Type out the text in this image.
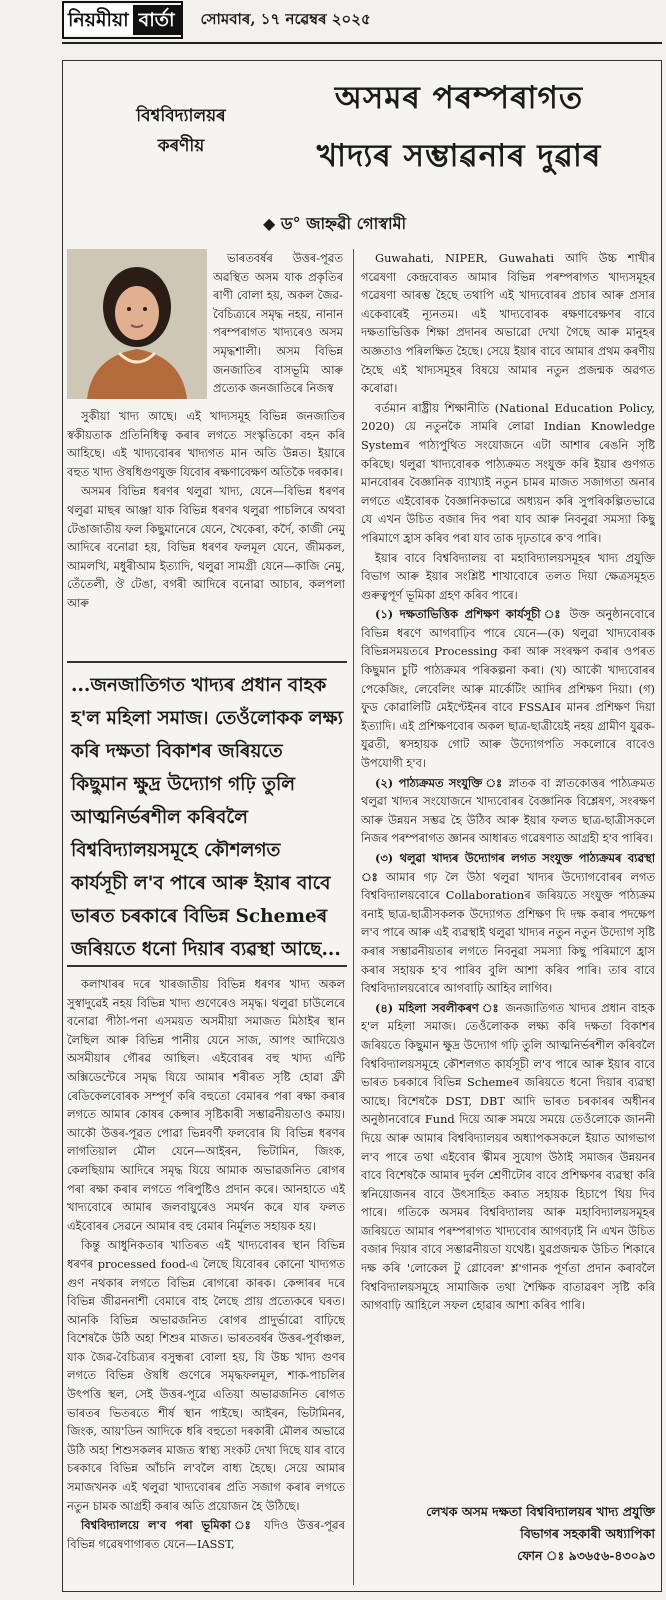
নিয়মীয়া বাৰ্তা	সোমবাৰ, ১৭ নৱেম্বৰ ২০২৫
বিশ্ববিদ্যালয়ৰ
কৰণীয়
অসমৰ পৰম্পৰাগত
খাদ্যৰ সম্ভাৱনাৰ দুৱাৰ
◆ ড° জাহ্নৱী গোস্বামী

ভাৰতবৰ্ষৰ উত্তৰ-পূৱত অৱস্থিত অসম যাক প্ৰকৃতিৰ ৰাণী বোলা হয়, অকল জৈৱ-বৈচিত্ৰ্যৰে সমৃদ্ধ নহয়, নানান পৰম্পৰাগত খাদ্যৰেও অসম সমৃদ্ধশালী। অসম বিভিন্ন জনজাতিৰ বাসভূমি আৰু প্ৰত্যেক জনজাতিৰে নিজস্ব

সুকীয়া খাদ্য আছে। এই খাদ্যসমূহ বিভিন্ন জনজাতিৰ স্বকীয়তাক প্ৰতিনিধিত্ব কৰাৰ লগতে সংস্কৃতিকো বহন কৰি আহিছে। এই খাদ্যবোৰৰ খাদ্যগত মান অতি উন্নত। ইয়াৰে বহুত খাদ্য ঔষধিগুণযুক্ত যিবোৰ ৰক্ষণাবেক্ষণ অতিকৈ দৰকাৰ।

অসমৰ বিভিন্ন ধৰণৰ থলুৱা খাদ্য, যেনে—বিভিন্ন ধৰণৰ থলুৱা মাছৰ আঞ্জা যাক বিভিন্ন ধৰণৰ থলুৱা পাচলিৰে অথবা টেঙাজাতীয় ফল কিছুমানেৰে যেনে, খৈকেৰা, কৰ্দৈ, কাজী নেমু আদিৰে বনোৱা হয়, বিভিন্ন ধৰণৰ ফলমূল যেনে, জীমকল, আমলখি, মধুৰীআম ইত্যাদি, থলুৱা সামগ্ৰী যেনে—কাজি নেমু, তেঁতেলী, ঔ টেঙা, বগৰী আদিৰে বনোৱা আচাৰ, কলপলা আৰু

...জনজাতিগত খাদ্যৰ প্ৰধান বাহক হ'ল মহিলা সমাজ। তেওঁলোকক লক্ষ্য কৰি দক্ষতা বিকাশৰ জৰিয়তে কিছুমান ক্ষুদ্ৰ উদ্যোগ গঢ়ি তুলি আত্মনিৰ্ভৰশীল কৰিবলৈ বিশ্ববিদ্যালয়সমূহে কৌশলগত কাৰ্যসূচী ল'ব পাৰে আৰু ইয়াৰ বাবে ভাৰত চৰকাৰে বিভিন্ন Schemeৰ জৰিয়তে ধনো দিয়াৰ ব্যৱস্থা আছে...

কলাখাৰৰ দৰে খাৰজাতীয় বিভিন্ন ধৰণৰ খাদ্য অকল সুস্বাদুৱেই নহয় বিভিন্ন খাদ্য গুণেৰেও সমৃদ্ধ। থলুৱা চাউলেৰে বনোৱা পীঠা-পনা এসময়ত অসমীয়া সমাজত মিঠাইৰ স্থান লৈছিল আৰু বিভিন্ন পানীয় যেনে সাজ, আপং আদিয়েও অসমীয়াৰ গৌৰৱ আছিল। এইবোৰৰ বহু খাদ্য এন্টি অক্সিডেন্টেৰে সমৃদ্ধ যিয়ে আমাৰ শৰীৰত সৃষ্টি হোৱা ফ্ৰী ৰেডিকেলবোৰক সম্পূৰ্ণ কৰি বহুতো বেমাৰৰ পৰা ৰক্ষা কৰাৰ লগতে আমাৰ কোষৰ কেন্সাৰ সৃষ্টিকাৰী সম্ভাৱনীয়তাও কমায়। আকৌ উত্তৰ-পূৱত পোৱা ভিন্নবৰ্ণী ফলবোৰ যি বিভিন্ন ধৰণৰ লাগতিয়াল মৌল যেনে—আইৰন, ভিটামিন, জিংক, কেলছিয়াম আদিৰে সমৃদ্ধ যিয়ে আমাক অভাৱজনিত ৰোগৰ পৰা ৰক্ষা কৰাৰ লগতে পৰিপুষ্টিও প্ৰদান কৰে। আনহাতে এই খাদ্যবোৰে আমাৰ জলবায়ুৰেও সমৰ্থন কৰে যাৰ ফলত এইবোৰৰ সেৱনে আমাৰ বহু বেমাৰ নিৰ্মূলত সহায়ক হয়।

কিন্তু আধুনিকতাৰ খাতিৰত এই খাদ্যবোৰৰ স্থান বিভিন্ন ধৰণৰ processed food-এ লৈছে যিবোৰৰ কোনো খাদ্যগত গুণ নথকাৰ লগতে বিভিন্ন ৰোগৰো কাৰক। কেন্সাৰৰ দৰে বিভিন্ন জীৱননাশী বেমাৰে বাহ লৈছে প্ৰায় প্ৰত্যেকৰে ঘৰত। আনকি বিভিন্ন অভাৱজনিত ৰোগৰ প্ৰাদুৰ্ভাৱো বাঢ়িছে বিশেষকৈ উঠি অহা শিশুৰ মাজত। ভাৰতবৰ্ষৰ উত্তৰ-পূৰ্বাঞ্চল, যাক জৈৱ-বৈচিত্ৰ্যৰ বসুন্ধৰা বোলা হয়, যি উচ্চ খাদ্য গুণৰ লগতে বিভিন্ন ঔষধি গুণেৰে সমৃদ্ধফলমূল, শাক-পাচলিৰ উৎপত্তি স্থল, সেই উত্তৰ-পূৱে এতিয়া অভাৱজনিত ৰোগত ভাৰতৰ ভিতৰতে শীৰ্ষ স্থান পাইছে। আইৰন, ভিটামিনৰ, জিংক, আয়'ডিন আদিকে ধৰি বহুতো দৰকাৰী মৌলৰ অভাৱে উঠি অহা শিশুসকলৰ মাজত স্বাস্থ্য সংকট দেখা দিছে যাৰ বাবে চৰকাৰে বিভিন্ন আঁচনি ল'বলৈ বাধ্য হৈছে। সেয়ে আমাৰ সমাজখনক এই থলুৱা খাদ্যবোৰৰ প্ৰতি সজাগ কৰাৰ লগতে নতুন চামক আগ্ৰহী কৰাৰ অতি প্ৰয়োজন হৈ উঠিছে।

বিশ্ববিদ্যালয়ে ল'ব পৰা ভূমিকা ঃ যদিও উত্তৰ-পূৱৰ বিভিন্ন গৱেষণাগাৰত যেনে—IASST,

Guwahati, NIPER, Guwahati আদি উচ্চ শাখীৰ গৱেষণা কেন্দ্ৰবোৰত আমাৰ বিভিন্ন পৰম্পৰাগত খাদ্যসমূহৰ গৱেষণা আৰম্ভ হৈছে তথাপি এই খাদ্যবোৰৰ প্ৰচাৰ আৰু প্ৰসাৰ একেবাৰেই ন্যূনতম। এই খাদ্যবোৰক ৰক্ষণাবেক্ষণৰ বাবে দক্ষতাভিত্তিক শিক্ষা প্ৰদানৰ অভাৱো দেখা গৈছে আৰু মানুহৰ অজ্ঞতাও পৰিলক্ষিত হৈছে। সেয়ে ইয়াৰ বাবে আমাৰ প্ৰথম কৰণীয় হৈছে এই খাদ্যসমূহৰ বিষয়ে আমাৰ নতুন প্ৰজন্মক অৱগত কৰোৱা।

বৰ্তমান ৰাষ্ট্ৰীয় শিক্ষানীতি (National Education Policy, 2020) য়ে নতুনকৈ সামৰি লোৱা Indian Knowledge Systemৰ পাঠ্যপুথিত সংযোজনে এটা আশাৰ ৰেঙনি সৃষ্টি কৰিছে। থলুৱা খাদ্যবোৰক পাঠ্যক্ৰমত সংযুক্ত কৰি ইয়াৰ গুণগত মানবোৰৰ বৈজ্ঞানিক ব্যাখ্যাই নতুন চামৰ মাজত সজাগতা অনাৰ লগতে এইবোৰক বৈজ্ঞানিকভাৱে অধ্যয়ন কৰি সুপৰিকল্পিতভাৱে যে এখন উচিত বজাৰ দিব পৰা যাব আৰু নিবনুৱা সমস্যা কিছু পৰিমাণে হ্ৰাস কৰিব পৰা যাব তাক দৃঢ়তাৰে ক'ব পাৰি।

ইয়াৰ বাবে বিশ্ববিদ্যালয় বা মহাবিদ্যালয়সমূহৰ খাদ্য প্ৰযুক্তি বিভাগ আৰু ইয়াৰ সংশ্লিষ্ট শাখাবোৰে তলত দিয়া ক্ষেত্ৰসমূহত গুৰুত্বপূৰ্ণ ভূমিকা গ্ৰহণ কৰিব পাৰে।

(১) দক্ষতাভিত্তিক প্ৰশিক্ষণ কাৰ্যসূচী ঃ উক্ত অনুষ্ঠানবোৰে বিভিন্ন ধৰণে আগবাঢ়িব পাৰে যেনে—(ক) থলুৱা খাদ্যবোৰক বিভিন্নসময়তৰে Processing কৰা আৰু সংৰক্ষণ কৰাৰ ওপৰত কিছুমান চুটি পাঠ্যক্ৰমৰ পৰিকল্পনা কৰা। (খ) আকৌ খাদ্যবোৰৰ পেকেজিং, লেবেলিং আৰু মাৰ্কেটিং আদিৰ প্ৰশিক্ষণ দিয়া। (গ) ফুড কোৱালিটি মেইণ্টেইনৰ বাবে FSSAIৰ মানৰ প্ৰশিক্ষণ দিয়া ইত্যাদি। এই প্ৰশিক্ষণবোৰ অকল ছাত্ৰ-ছাত্ৰীয়েই নহয় গ্ৰামীণ যুৱক-যুৱতী, স্বসহায়ক গোট আৰু উদ্যোগপতি সকলোৰে বাবেও উপযোগী হ'ব।

(২) পাঠ্যক্ৰমত সংযুক্তি ঃ স্নাতক বা স্নাতকোত্তৰ পাঠ্যক্ৰমত থলুৱা খাদ্যৰ সংযোজনে খাদ্যবোৰৰ বৈজ্ঞানিক বিশ্লেষণ, সংৰক্ষণ আৰু উন্নয়ন সম্ভৱ হৈ উঠিব আৰু ইয়াৰ ফলত ছাত্ৰ-ছাত্ৰীসকলে নিজৰ পৰম্পৰাগত জ্ঞানৰ আধাৰত গৱেষণাত আগ্ৰহী হ'ব পাৰিব।

(৩) থলুৱা খাদ্যৰ উদ্যোগৰ লগত সংযুক্ত পাঠ্যক্ৰমৰ ব্যৱস্থা ঃ আমাৰ গঢ় লৈ উঠা থলুৱা খাদ্যৰ উদ্যোগবোৰৰ লগত বিশ্ববিদ্যালয়বোৰে Collaborationৰ জৰিয়তে সংযুক্ত পাঠ্যক্ৰম বনাই ছাত্ৰ-ছাত্ৰীসকলক উদ্যোগত প্ৰশিক্ষণ দি দক্ষ কৰাৰ পদক্ষেপ ল'ব পাৰে আৰু এই ব্যৱস্থাই থলুৱা খাদ্যৰ নতুন নতুন উদ্যোগ সৃষ্টি কৰাৰ সম্ভাৱনীয়তাৰ লগতে নিবনুৱা সমস্যা কিছু পৰিমাণে হ্ৰাস কৰাৰ সহায়ক হ'ব পাৰিব বুলি আশা কৰিব পাৰি। তাৰ বাবে বিশ্ববিদ্যালয়বোৰে আগবাঢ়ি আহিব লাগিব।

(৪) মহিলা সবলীকৰণ ঃ জনজাতিগত খাদ্যৰ প্ৰধান বাহক হ'ল মহিলা সমাজ। তেওঁলোকক লক্ষ্য কৰি দক্ষতা বিকাশৰ জৰিয়তে কিছুমান ক্ষুদ্ৰ উদ্যোগ গঢ়ি তুলি আত্মনিৰ্ভৰশীল কৰিবলৈ বিশ্ববিদ্যালয়সমূহে কৌশলগত কাৰ্যসূচী ল'ব পাৰে আৰু ইয়াৰ বাবে ভাৰত চৰকাৰে বিভিন্ন Schemeৰ জৰিয়তে ধনো দিয়াৰ ব্যৱস্থা আছে। বিশেষকৈ DST, DBT আদি ভাৰত চৰকাৰৰ অধীনৰ অনুষ্ঠানবোৰে Fund দিয়ে আৰু সময়ে সময়ে তেওঁলোকে জাননী দিয়ে আৰু আমাৰ বিশ্ববিদ্যালয়ৰ অধ্যাপকসকলে ইয়াত আগভাগ ল'ব পাৰে তথা এইবোৰ স্কীমৰ সুযোগ উঠাই সমাজৰ উন্নয়নৰ বাবে বিশেষকৈ আমাৰ দুৰ্বল শ্ৰেণীটোৰ বাবে প্ৰশিক্ষণৰ ব্যৱস্থা কৰি স্বনিয়োজনৰ বাবে উৎসাহিত কৰাত সহায়ক হিচাপে থিয় দিব পাৰে। গতিকে অসমৰ বিশ্ববিদ্যালয় আৰু মহাবিদ্যালয়সমূহৰ জৰিয়তে আমাৰ পৰম্পৰাগত খাদ্যবোৰ আগবঢ়াই নি এখন উচিত বজাৰ দিয়াৰ বাবে সম্ভাৱনীয়তা যথেষ্ট। যুৱপ্ৰজন্মক উচিত শিকাৰে দক্ষ কৰি 'লোকেল টু গ্লোবেল' শ্ল'গানক পূৰ্ণতা প্ৰদান কৰাবলৈ বিশ্ববিদ্যালয়সমূহে সামাজিক তথা শৈক্ষিক বাতাৱৰণ সৃষ্টি কৰি আগবাঢ়ি আহিলে সফল হোৱাৰ আশা কৰিব পাৰি।

লেখক অসম দক্ষতা বিশ্ববিদ্যালয়ৰ খাদ্য প্ৰযুক্তি
বিভাগৰ সহকাৰী অধ্যাপিকা
ফোন ঃ ৯৩৬৫৬-৪৩০৯৩
